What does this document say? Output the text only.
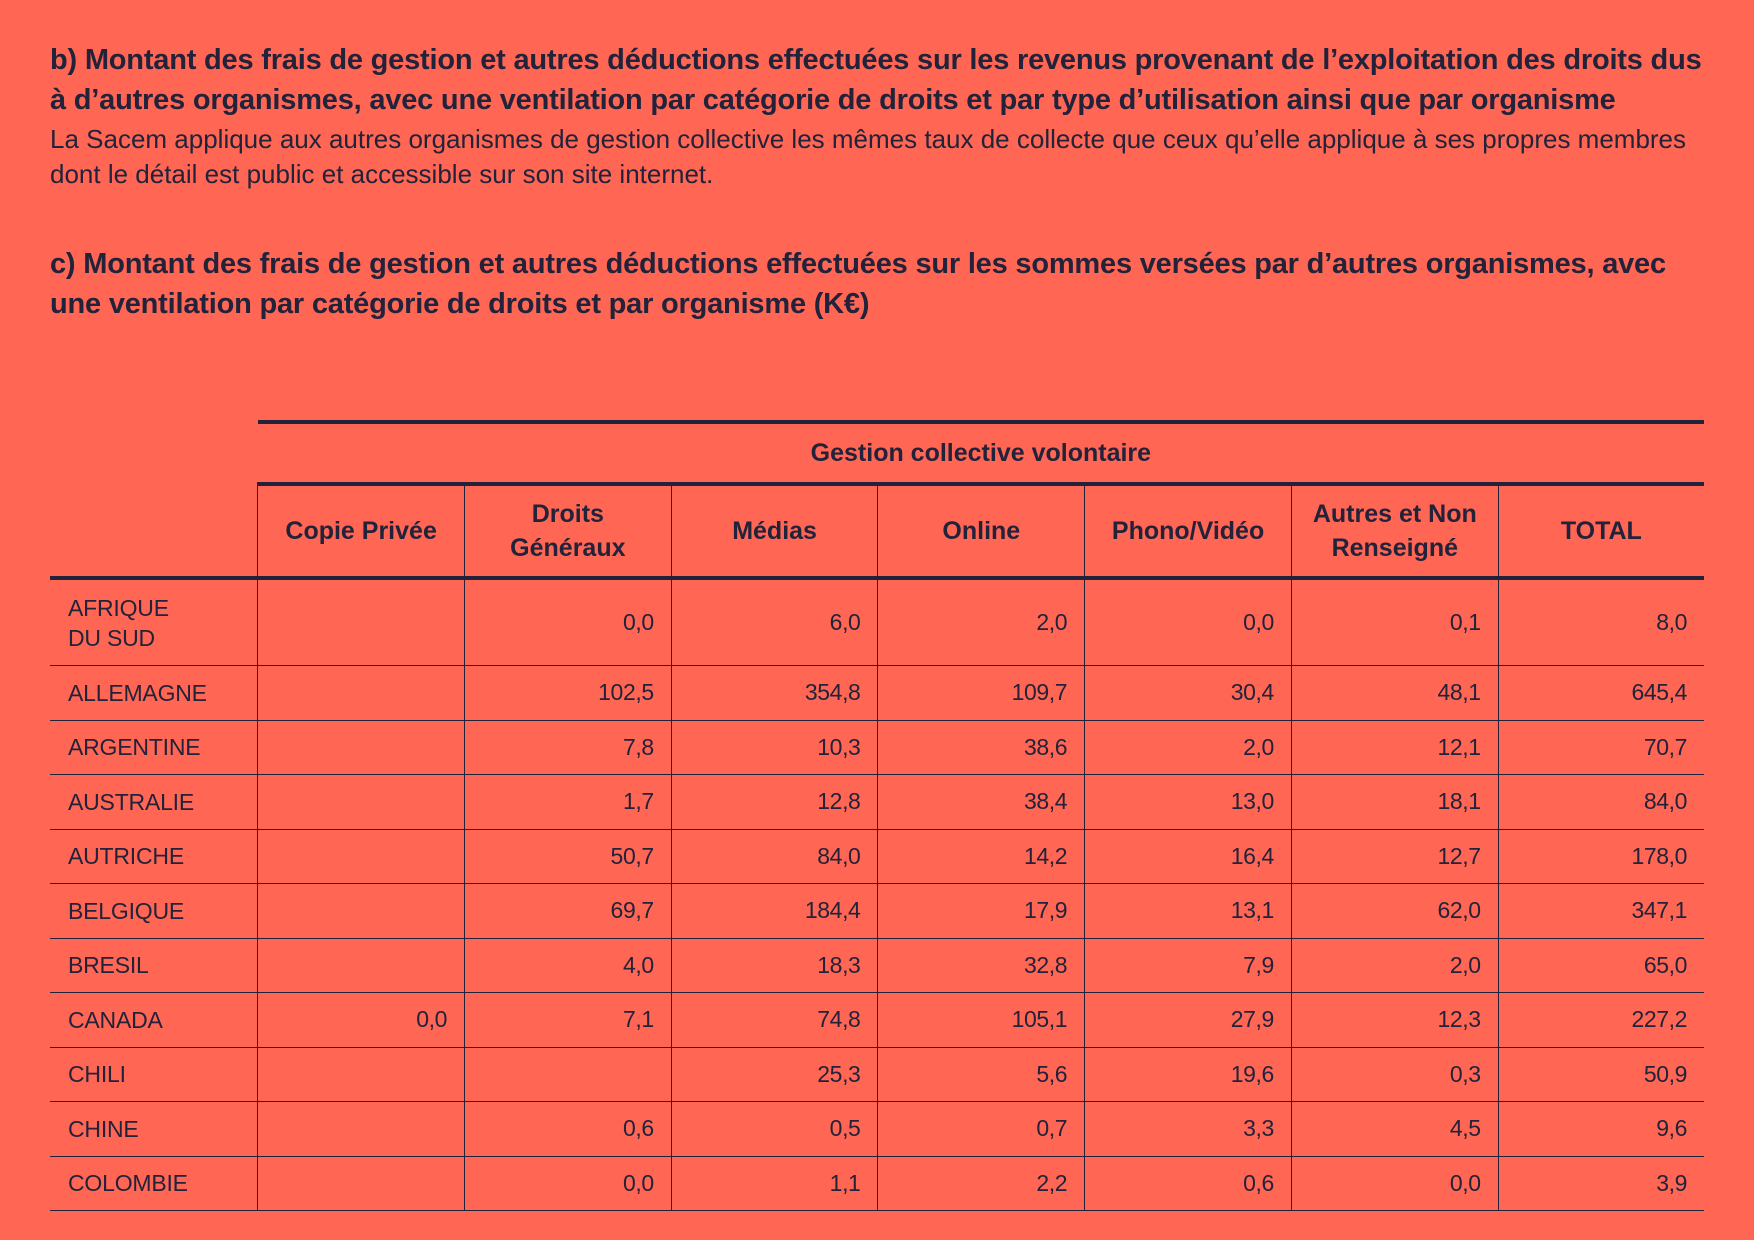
b) Montant des frais de gestion et autres déductions effectuées sur les revenus provenant de l’exploitation des droits dus à d’autres organismes, avec une ventilation par catégorie de droits et par type d’utilisation ainsi que par organisme

La Sacem applique aux autres organismes de gestion collective les mêmes taux de collecte que ceux qu’elle applique à ses propres membres dont le détail est public et accessible sur son site internet.

c) Montant des frais de gestion et autres déductions effectuées sur les sommes versées par d’autres organismes, avec une ventilation par catégorie de droits et par organisme (K€)
	Gestion collective volontaire						
	Copie Privée	Droits
Généraux	Médias	Online	Phono/Vidéo	Autres et Non
Renseigné	TOTAL
AFRIQUE
DU SUD		0,0	6,0	2,0	0,0	0,1	8,0
ALLEMAGNE		102,5	354,8	109,7	30,4	48,1	645,4
ARGENTINE		7,8	10,3	38,6	2,0	12,1	70,7
AUSTRALIE		1,7	12,8	38,4	13,0	18,1	84,0
AUTRICHE		50,7	84,0	14,2	16,4	12,7	178,0
BELGIQUE		69,7	184,4	17,9	13,1	62,0	347,1
BRESIL		4,0	18,3	32,8	7,9	2,0	65,0
CANADA	0,0	7,1	74,8	105,1	27,9	12,3	227,2
CHILI			25,3	5,6	19,6	0,3	50,9
CHINE		0,6	0,5	0,7	3,3	4,5	9,6
COLOMBIE		0,0	1,1	2,2	0,6	0,0	3,9
